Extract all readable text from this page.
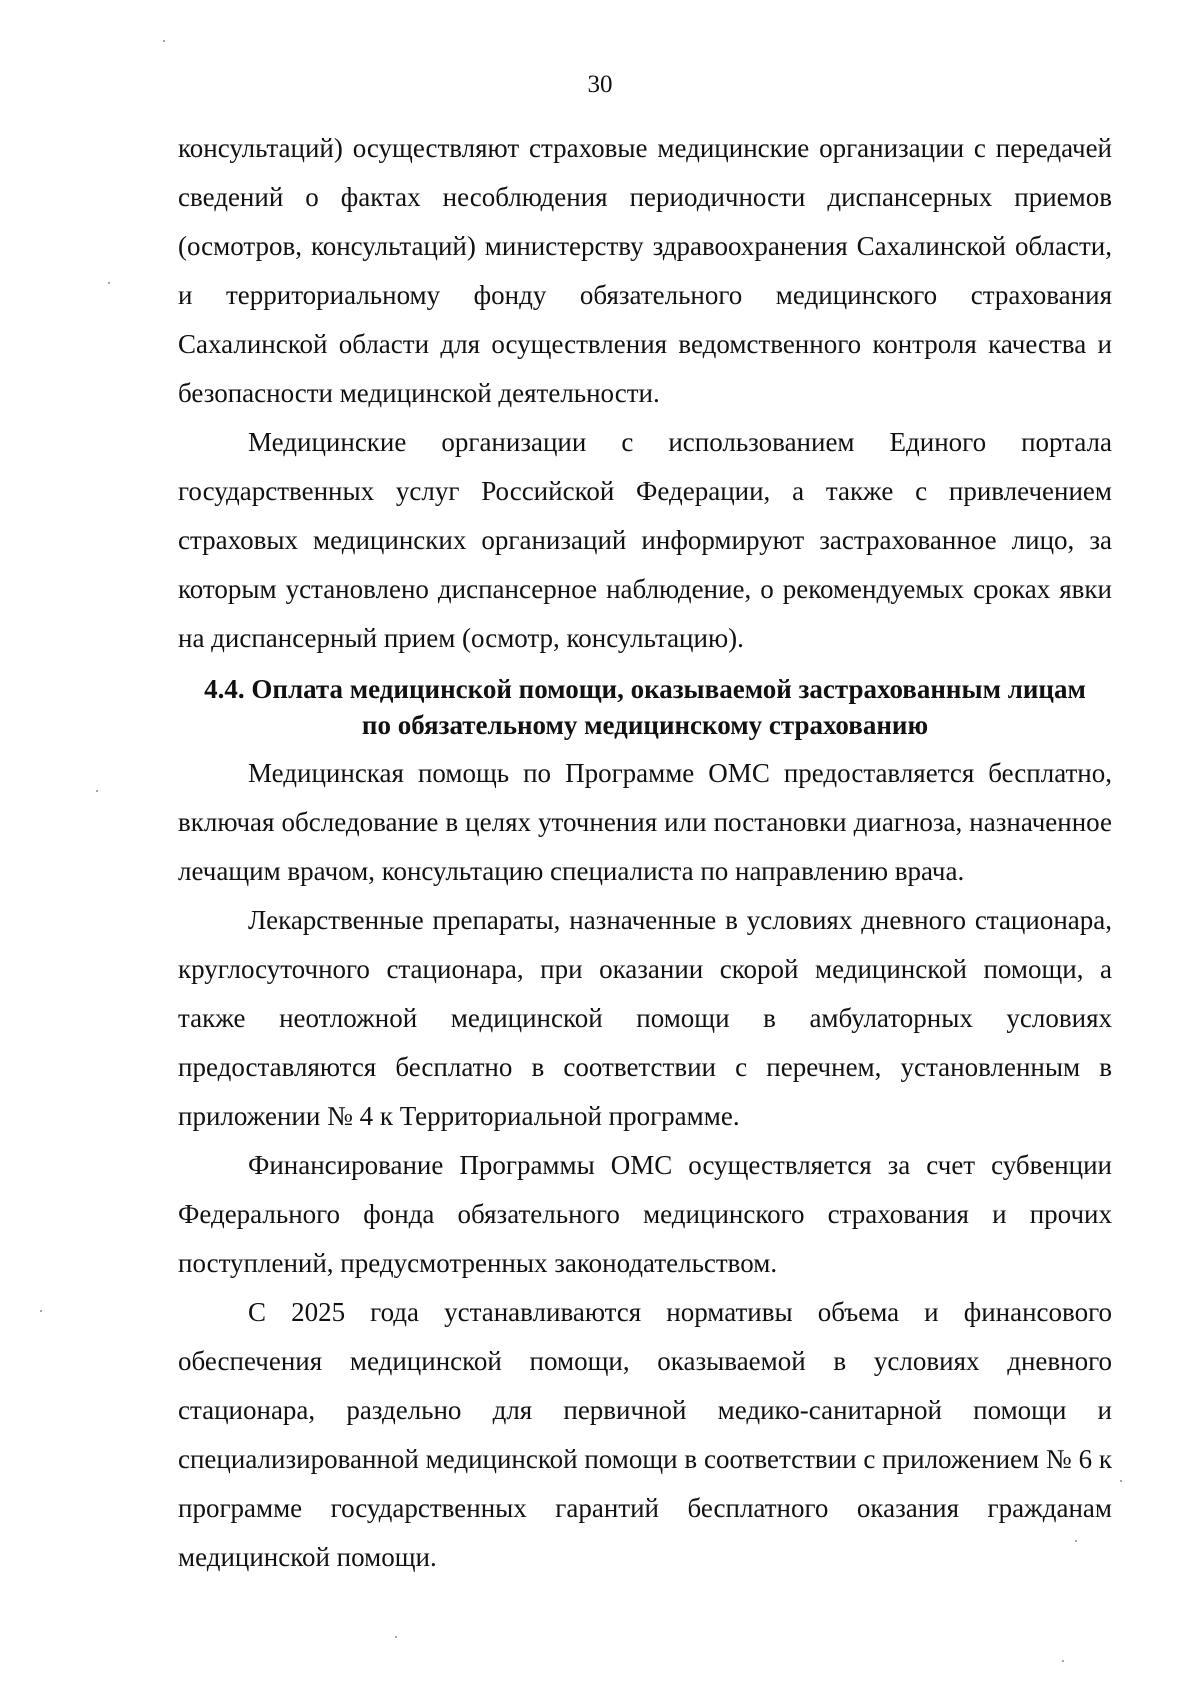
30

консультаций) осуществляют страховые медицинские организации с передачей сведений о фактах несоблюдения периодичности диспансерных приемов (осмотров, консультаций) министерству здравоохранения Сахалинской области, и территориальному фонду обязательного медицинского страхования Сахалинской области для осуществления ведомственного контроля качества и безопасности медицинской деятельности.

Медицинские организации с использованием Единого портала государственных услуг Российской Федерации, а также с привлечением страховых медицинских организаций информируют застрахованное лицо, за которым установлено диспансерное наблюдение, о рекомендуемых сроках явки на диспансерный прием (осмотр, консультацию).

4.4. Оплата медицинской помощи, оказываемой застрахованным лицам
по обязательному медицинскому страхованию

Медицинская помощь по Программе ОМС предоставляется бесплатно, включая обследование в целях уточнения или постановки диагноза, назначенное лечащим врачом, консультацию специалиста по направлению врача.

Лекарственные препараты, назначенные в условиях дневного стационара, круглосуточного стационара, при оказании скорой медицинской помощи, а также неотложной медицинской помощи в амбулаторных условиях предоставляются бесплатно в соответствии с перечнем, установленным в приложении № 4 к Территориальной программе.

Финансирование Программы ОМС осуществляется за счет субвенции Федерального фонда обязательного медицинского страхования и прочих поступлений, предусмотренных законодательством.

С 2025 года устанавливаются нормативы объема и финансового обеспечения медицинской помощи, оказываемой в условиях дневного стационара, раздельно для первичной медико-санитарной помощи и специализированной медицинской помощи в соответствии с приложением № 6 к программе государственных гарантий бесплатного оказания гражданам медицинской помощи.
